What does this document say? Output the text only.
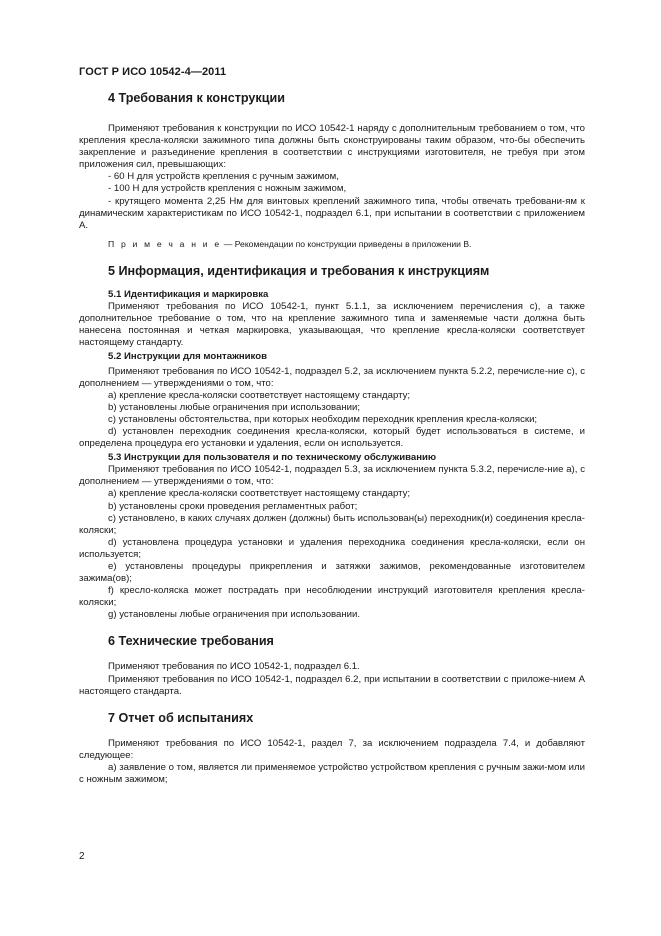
ГОСТ Р ИСО 10542-4—2011
4 Требования к конструкции

Применяют требования к конструкции по ИСО 10542-1 наряду с дополнительным требованием о том, что крепления кресла-коляски зажимного типа должны быть сконструированы таким образом, что-бы обеспечить закрепление и разъединение крепления в соответствии с инструкциями изготовителя, не требуя при этом приложения сил, превышающих:

- 60 Н для устройств крепления с ручным зажимом,

- 100 Н для устройств крепления с ножным зажимом,

- крутящего момента 2,25 Нм для винтовых креплений зажимного типа, чтобы отвечать требовани-ям к динамическим характеристикам по ИСО 10542-1, подраздел 6.1, при испытании в соответствии с приложением А.

П р и м е ч а н и е — Рекомендации по конструкции приведены в приложении В.

5 Информация, идентификация и требования к инструкциям
5.1 Идентификация и маркировка

Применяют требования по ИСО 10542-1, пункт 5.1.1, за исключением перечисления с), а также дополнительное требование о том, что на крепление зажимного типа и заменяемые части должна быть нанесена постоянная и четкая маркировка, указывающая, что крепление кресла-коляски соответствует настоящему стандарту.

5.2 Инструкции для монтажников

Применяют требования по ИСО 10542-1, подраздел 5.2, за исключением пункта 5.2.2, перечисле-ние с), с дополнением — утверждениями о том, что:

а) крепление кресла-коляски соответствует настоящему стандарту;

b) установлены любые ограничения при использовании;

с) установлены обстоятельства, при которых необходим переходник крепления кресла-коляски;

d) установлен переходник соединения кресла-коляски, который будет использоваться в системе, и определена процедура его установки и удаления, если он используется.

5.3 Инструкции для пользователя и по техническому обслуживанию

Применяют требования по ИСО 10542-1, подраздел 5.3, за исключением пункта 5.3.2, перечисле-ние а), с дополнением — утверждениями о том, что:

а) крепление кресла-коляски соответствует настоящему стандарту;

b) установлены сроки проведения регламентных работ;

с) установлено, в каких случаях должен (должны) быть использован(ы) переходник(и) соединения кресла-коляски;

d) установлена процедура установки и удаления переходника соединения кресла-коляски, если он используется;

е) установлены процедуры прикрепления и затяжки зажимов, рекомендованные изготовителем зажима(ов);

f) кресло-коляска может пострадать при несоблюдении инструкций изготовителя крепления кресла-коляски;

g) установлены любые ограничения при использовании.

6 Технические требования

Применяют требования по ИСО 10542-1, подраздел 6.1.

Применяют требования по ИСО 10542-1, подраздел 6.2, при испытании в соответствии с приложе-нием А настоящего стандарта.

7 Отчет об испытаниях

Применяют требования по ИСО 10542-1, раздел 7, за исключением подраздела 7.4, и добавляют следующее:

а) заявление о том, является ли применяемое устройство устройством крепления с ручным зажи-мом или с ножным зажимом;

2
